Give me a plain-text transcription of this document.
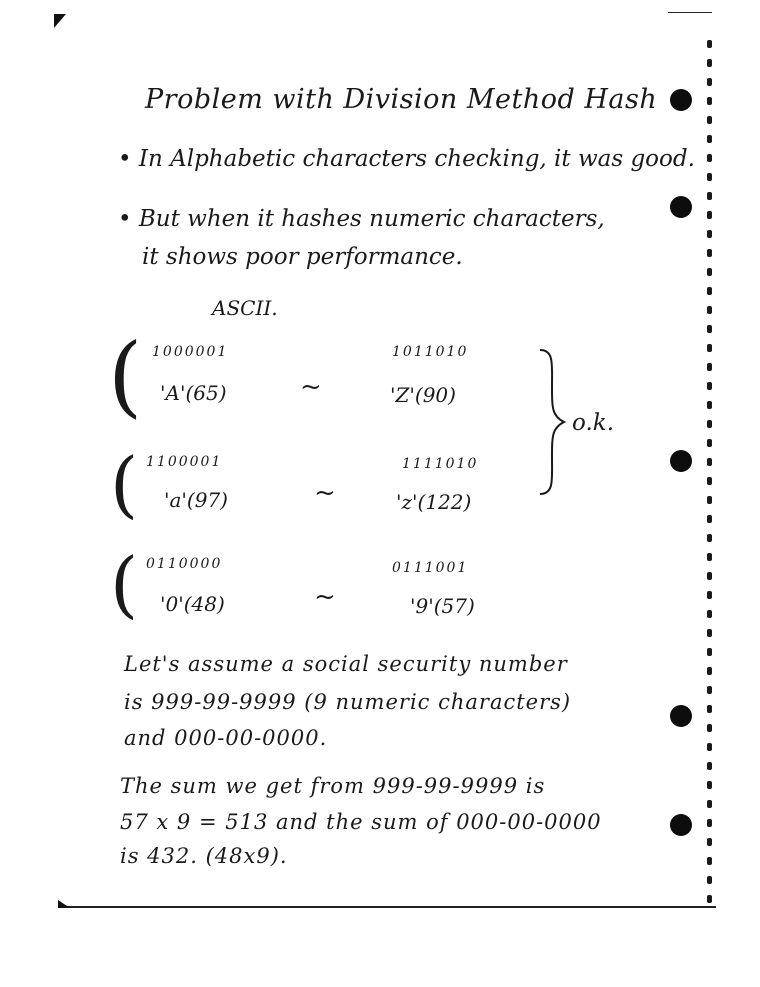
Problem with Division Method Hash
• In Alphabetic characters checking, it was good.
• But when it hashes numeric characters,
it shows poor performance.
ASCII.
(
(
(
1000001
'A'(65)	~
1011010
'Z'(90)
1100001
'a'(97)	~
1111010
'z'(122)
0110000
'0'(48)	~
0111001
'9'(57)
o.k.
Let's assume a social security number
is 999-99-9999 (9 numeric characters)
and 000-00-0000.
The sum we get from 999-99-9999 is
57 x 9 = 513 and the sum of 000-00-0000
is 432. (48x9).
